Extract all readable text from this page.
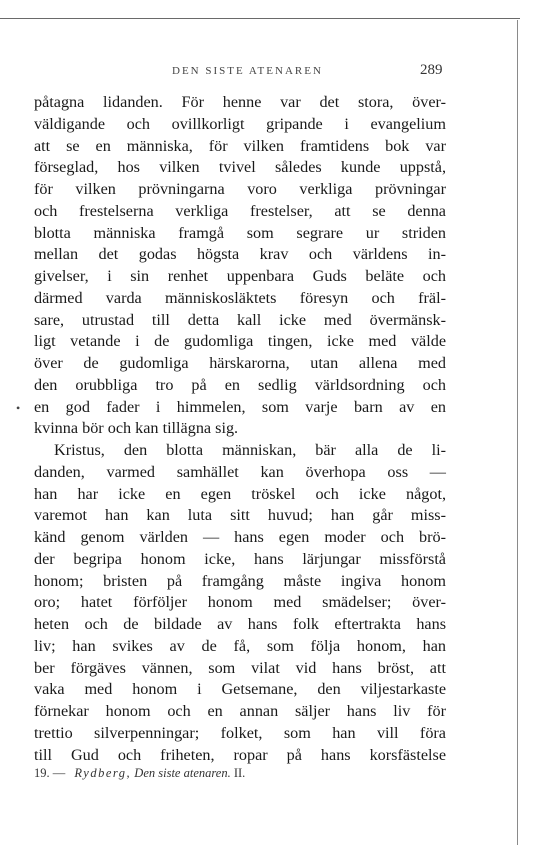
DEN SISTE ATENAREN	289
påtagna lidanden. För henne var det stora, över-
väldigande och ovillkorligt gripande i evangelium
att se en människa, för vilken framtidens bok var
förseglad, hos vilken tvivel således kunde uppstå,
för vilken prövningarna voro verkliga prövningar
och frestelserna verkliga frestelser, att se denna
blotta människa framgå som segrare ur striden
mellan det godas högsta krav och världens in-
givelser, i sin renhet uppenbara Guds beläte och
därmed varda människosläktets föresyn och fräl-
sare, utrustad till detta kall icke med övermänsk-
ligt vetande i de gudomliga tingen, icke med välde
över de gudomliga härskarorna, utan allena med
den orubbliga tro på en sedlig världsordning och
en god fader i himmelen, som varje barn av en
kvinna bör och kan tillägna sig.
Kristus, den blotta människan, bär alla de li-
danden, varmed samhället kan överhopa oss —
han har icke en egen tröskel och icke något,
varemot han kan luta sitt huvud; han går miss-
känd genom världen — hans egen moder och brö-
der begripa honom icke, hans lärjungar missförstå
honom; bristen på framgång måste ingiva honom
oro; hatet förföljer honom med smädelser; över-
heten och de bildade av hans folk eftertrakta hans
liv; han svikes av de få, som följa honom, han
ber förgäves vännen, som vilat vid hans bröst, att
vaka med honom i Getsemane, den viljestarkaste
förnekar honom och en annan säljer hans liv för
trettio silverpenningar; folket, som han vill föra
till Gud och friheten, ropar på hans korsfästelse
•
19. — Rydberg, Den siste atenaren. II.
